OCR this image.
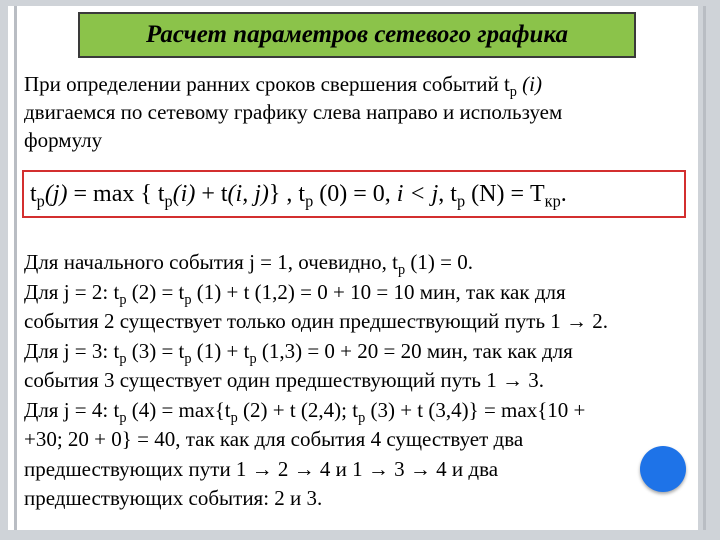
Расчет параметров сетевого графика
При определении ранних сроков свершения событий $t_р$ (i)
двигаемся по сетевому графику слева направо и используем
формулу
$t_р(j) = \max$ { $t_р(i) + t(i$, j)} , $t_р$ (0) = 0, i < j, $t_р$ $(N) = T_{кр}$.
Для начального события j = 1, очевидно, $t_р$ (1) = 0.
Для j = 2: $t_р$ $(2) = t_р$ (1) + t (1,2) = 0 + 10 = 10 мин, так как для
события 2 существует только один предшествующий путь 1 → 2.
Для j = 3: $t_р$ $(3) = t_р$ $(1) + t_р$ (1,3) = 0 + 20 = 20 мин, так как для
события 3 существует один предшествующий путь 1 → 3.
Для j = 4: $t_р$ $(4) = \max\{t_р$ (2) + t (2,4); $t_р$ (3) + t (3,4)} = max{10 +
+30; 20 + 0} = 40, так как для события 4 существует два
предшествующих пути 1 → 2 → 4 и 1 → 3 → 4 и два
предшествующих события: 2 и 3.
